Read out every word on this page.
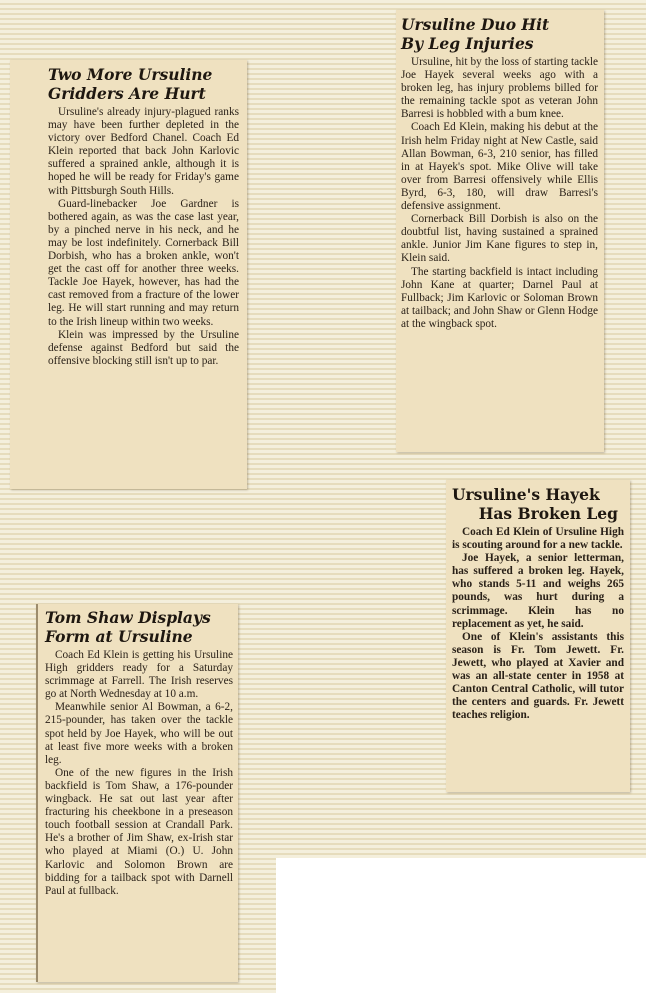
Two More Ursuline
Gridders Are Hurt

Ursuline's already injury-plagued ranks may have been further depleted in the victory over Bedford Chanel. Coach Ed Klein reported that back John Karlovic suffered a sprained ankle, although it is hoped he will be ready for Friday's game with Pittsburgh South Hills.

Guard-linebacker Joe Gardner is bothered again, as was the case last year, by a pinched nerve in his neck, and he may be lost indefinitely. Cornerback Bill Dorbish, who has a broken ankle, won't get the cast off for another three weeks. Tackle Joe Hayek, however, has had the cast removed from a fracture of the lower leg. He will start running and may return to the Irish lineup within two weeks.

Klein was impressed by the Ursuline defense against Bedford but said the offensive blocking still isn't up to par.

Ursuline Duo Hit
By Leg Injuries

Ursuline, hit by the loss of starting tackle Joe Hayek several weeks ago with a broken leg, has injury problems billed for the remaining tackle spot as veteran John Barresi is hobbled with a bum knee.

Coach Ed Klein, making his debut at the Irish helm Friday night at New Castle, said Allan Bowman, 6-3, 210 senior, has filled in at Hayek's spot. Mike Olive will take over from Barresi offensively while Ellis Byrd, 6-3, 180, will draw Barresi's defensive assignment.

Cornerback Bill Dorbish is also on the doubtful list, having sustained a sprained ankle. Junior Jim Kane figures to step in, Klein said.

The starting backfield is intact including John Kane at quarter; Darnel Paul at Fullback; Jim Karlovic or Soloman Brown at tailback; and John Shaw or Glenn Hodge at the wingback spot.

Ursuline's Hayek
Has Broken Leg

Coach Ed Klein of Ursuline High is scouting around for a new tackle.

Joe Hayek, a senior letterman, has suffered a broken leg. Hayek, who stands 5-11 and weighs 265 pounds, was hurt during a scrimmage. Klein has no replacement as yet, he said.

One of Klein's assistants this season is Fr. Tom Jewett. Fr. Jewett, who played at Xavier and was an all-state center in 1958 at Canton Central Catholic, will tutor the centers and guards. Fr. Jewett teaches religion.

Tom Shaw Displays
Form at Ursuline

Coach Ed Klein is getting his Ursuline High gridders ready for a Saturday scrimmage at Farrell. The Irish reserves go at North Wednesday at 10 a.m.

Meanwhile senior Al Bowman, a 6-2, 215-pounder, has taken over the tackle spot held by Joe Hayek, who will be out at least five more weeks with a broken leg.

One of the new figures in the Irish backfield is Tom Shaw, a 176-pounder wingback. He sat out last year after fracturing his cheekbone in a preseason touch football session at Crandall Park. He's a brother of Jim Shaw, ex-Irish star who played at Miami (O.) U. John Karlovic and Solomon Brown are bidding for a tailback spot with Darnell Paul at fullback.
